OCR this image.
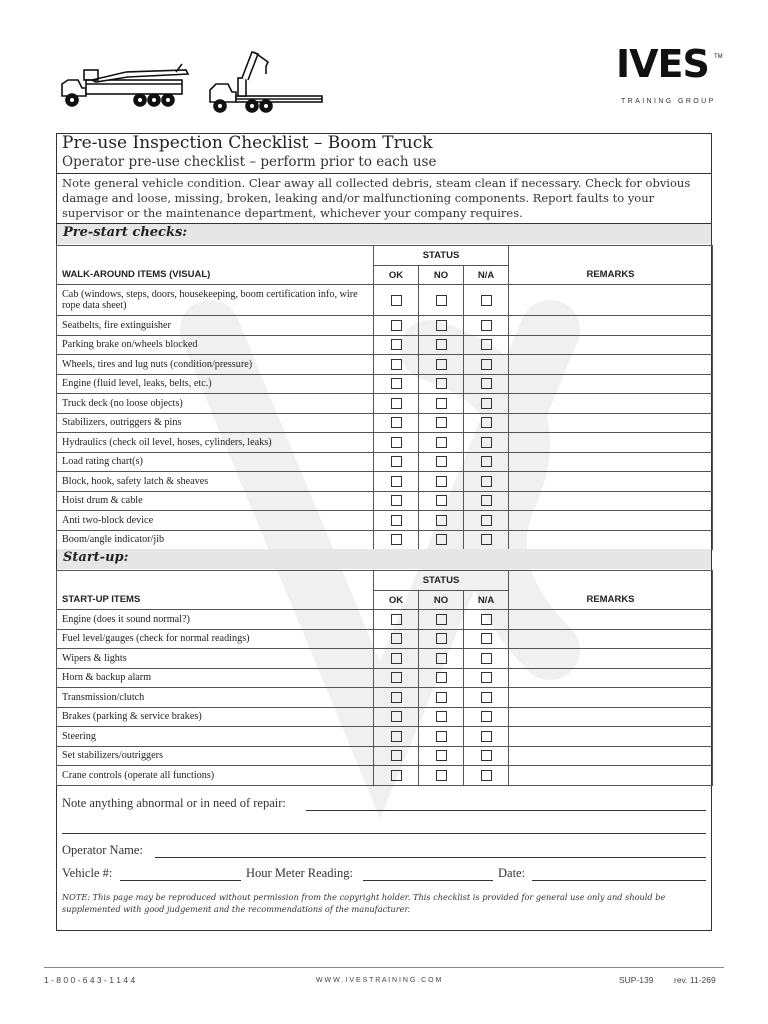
IVES TM
TRAINING GROUP
Pre-use Inspection Checklist – Boom Truck
Operator pre-use checklist – perform prior to each use
Note general vehicle condition. Clear away all collected debris, steam clean if necessary. Check for obvious damage and loose, missing, broken, leaking and/or malfunctioning components. Report faults to your supervisor or the maintenance department, whichever your company requires.
Pre-start checks:
	STATUS			
WALK-AROUND ITEMS (VISUAL)	OK	NO	N/A	REMARKS
Cab (windows, steps, doors, housekeeping, boom certification info, wire rope data sheet)				
Seatbelts, fire extinguisher				
Parking brake on/wheels blocked				
Wheels, tires and lug nuts (condition/pressure)				
Engine (fluid level, leaks, belts, etc.)				
Truck deck (no loose objects)				
Stabilizers, outriggers & pins				
Hydraulics (check oil level, hoses, cylinders, leaks)				
Load rating chart(s)				
Block, hook, safety latch & sheaves				
Hoist drum & cable				
Anti two-block device				
Boom/angle indicator/jib				
Start-up:
	STATUS			
START-UP ITEMS	OK	NO	N/A	REMARKS
Engine (does it sound normal?)				
Fuel level/gauges (check for normal readings)				
Wipers & lights				
Horn & backup alarm				
Transmission/clutch				
Brakes (parking & service brakes)				
Steering				
Set stabilizers/outriggers				
Crane controls (operate all functions)				
Note anything abnormal or in need of repair:
Operator Name:
Vehicle #:	Hour Meter Reading:	Date:
NOTE: This page may be reproduced without permission from the copyright holder. This checklist is provided for general use only and should be supplemented with good judgement and the recommendations of the manufacturer.
1 - 8 0 0 - 6 4 3 - 1 1 4 4	W W W . I V E S T R A I N I N G . C O M	SUP-139 rev. 11-269
